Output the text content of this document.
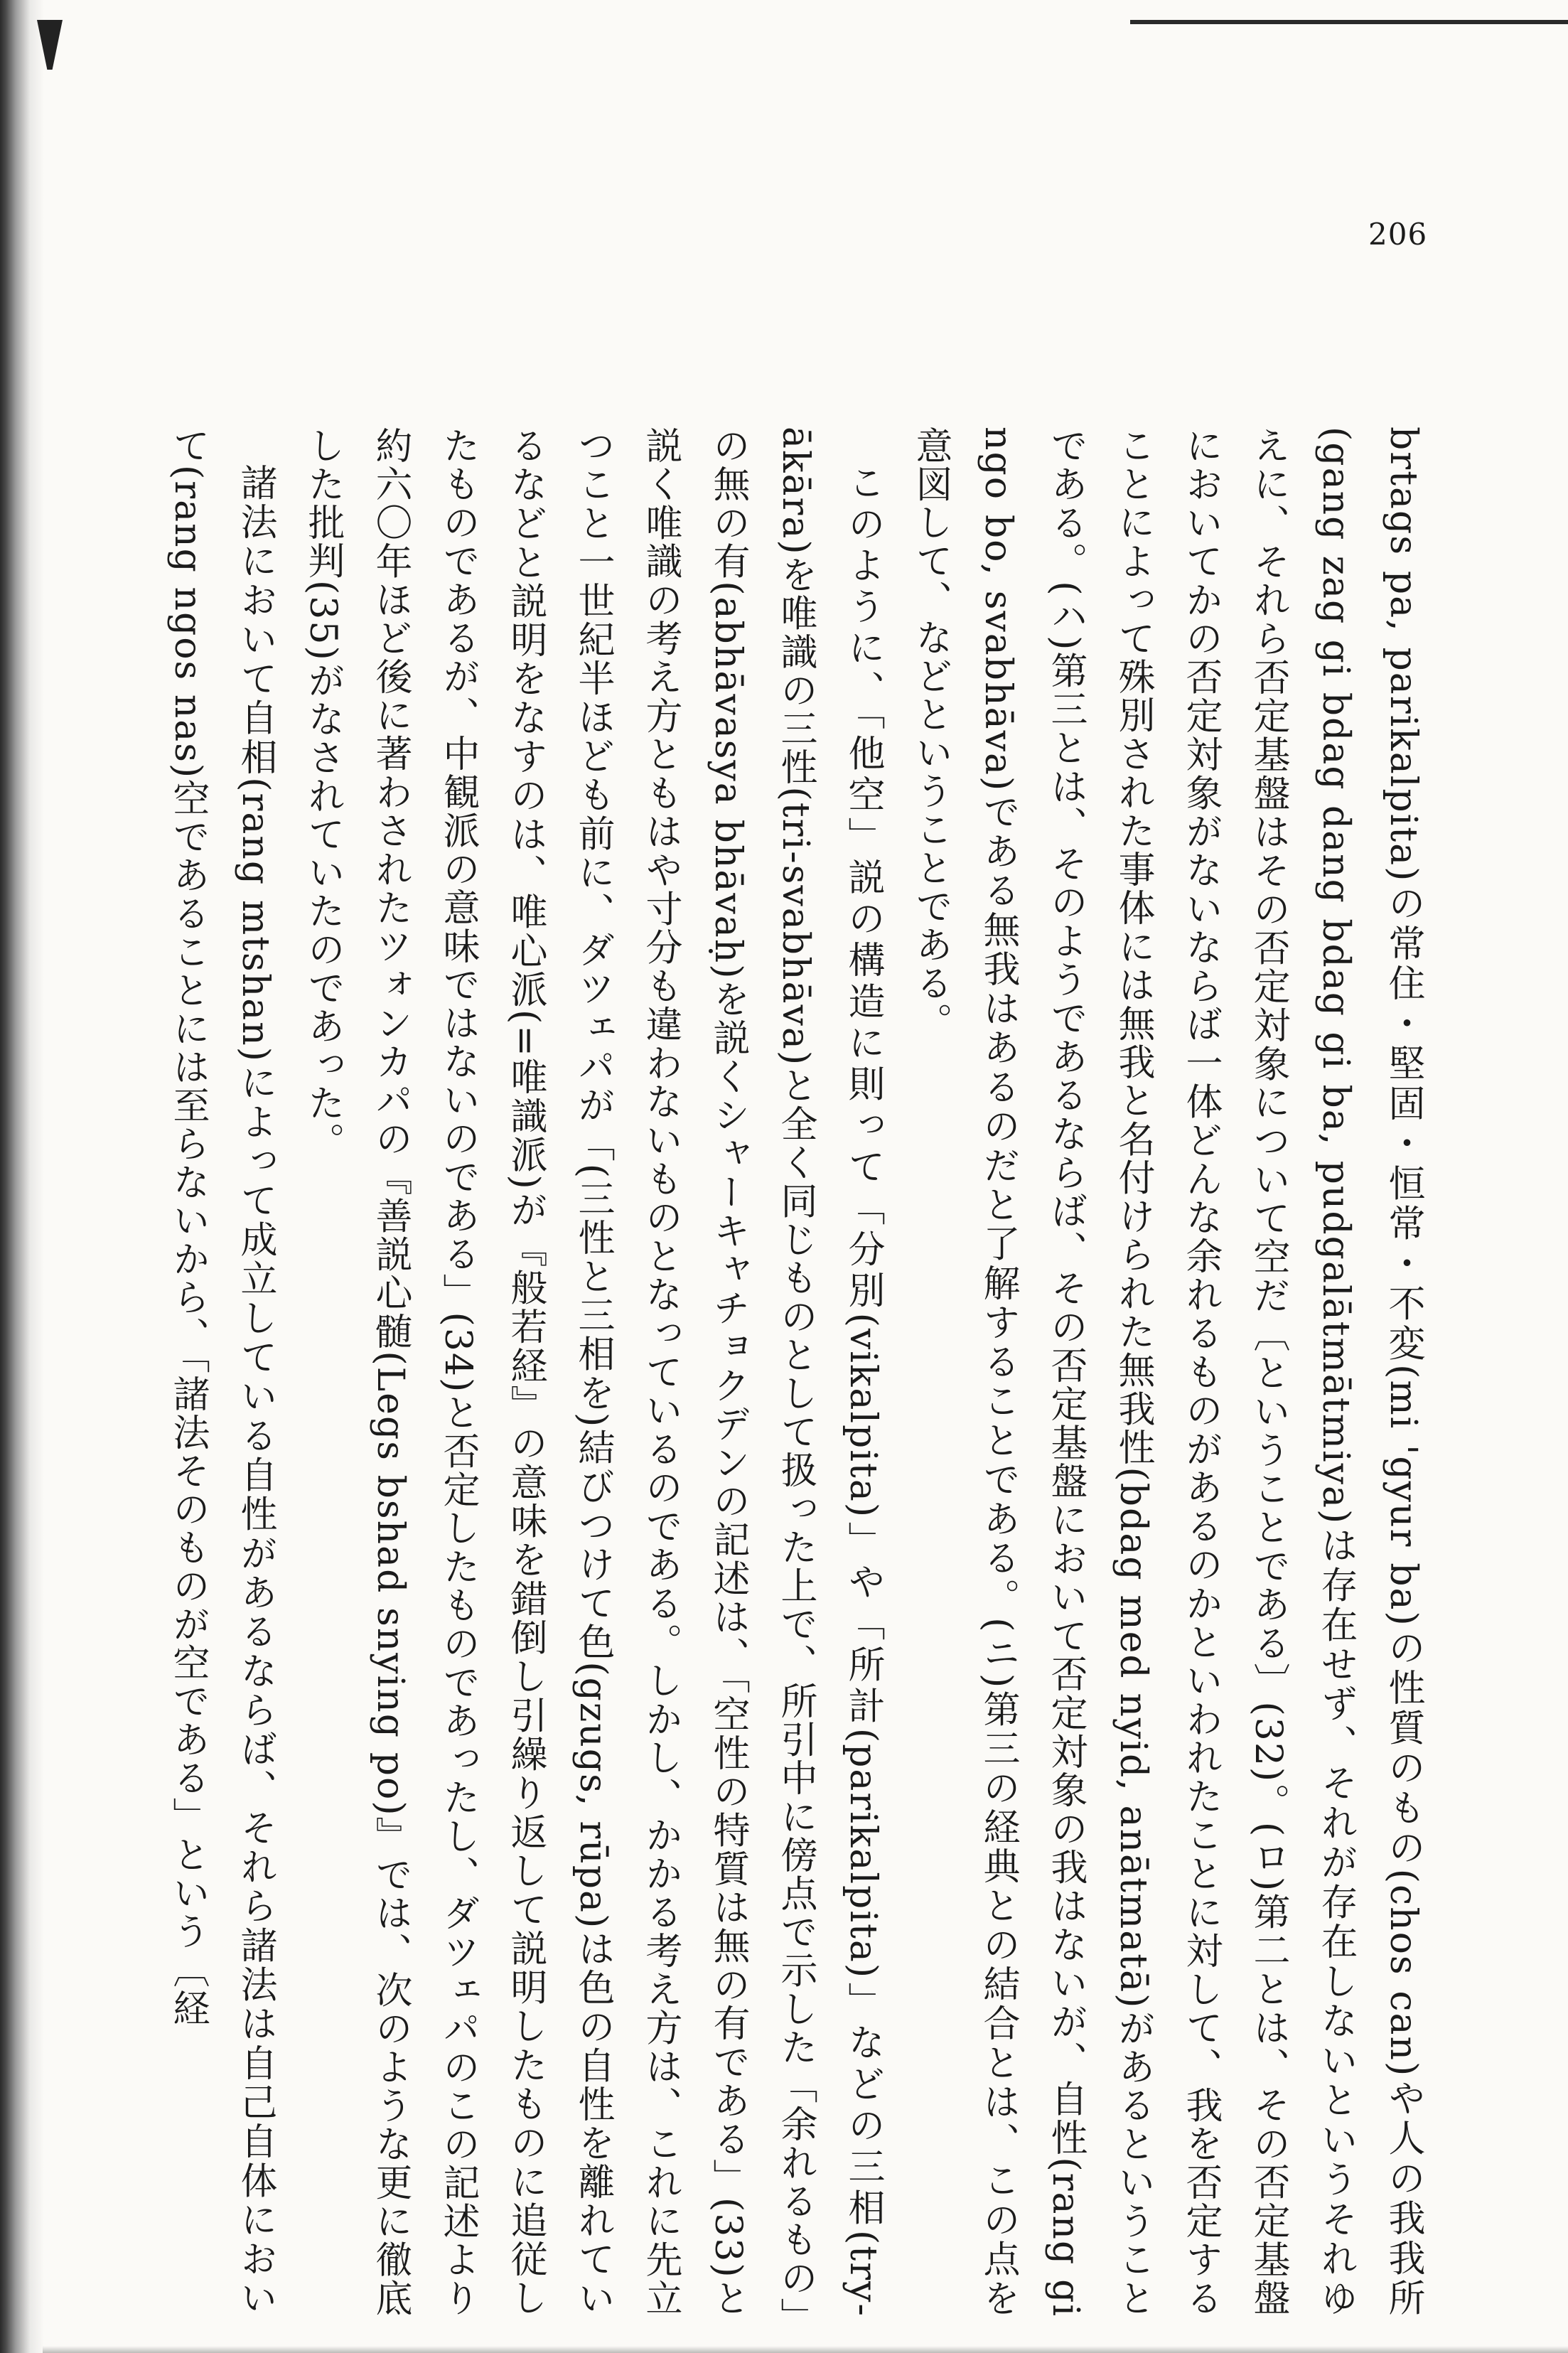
206

brtags pa, parikalpita)の常住・堅固・恒常・不変(mi 'gyur ba)の性質のもの(chos can)や人の我我所(gang zag gi bdag dang bdag gi ba, pudgalātmātmiya)は存在せず、それが存在しないというそれゆえに、それら否定基盤はその否定対象について空だ〔ということである〕(32)。(ロ)第二とは、その否定基盤においてかの否定対象がないならば一体どんな余れるものがあるのかといわれたことに対して、我を否定することによって殊別された事体には無我と名付けられた無我性(bdag med nyid, anātmatā)があるということである。(ハ)第三とは、そのようであるならば、その否定基盤において否定対象の我はないが、自性(rang gi ngo bo, svabhāva)である無我はあるのだと了解することである。(ニ)第三の経典との結合とは、この点を意図して、などということである。

このように、「他空」説の構造に則って「分別(vikalpita)」や「所計(parikalpita)」などの三相(try-ākāra)を唯識の三性(tri-svabhāva)と全く同じものとして扱った上で、所引中に傍点で示した「余れるもの」の無の有(abhāvasya bhāvaḥ)を説くシャーキャチョクデンの記述は、「空性の特質は無の有である」(33)と説く唯識の考え方ともはや寸分も違わないものとなっているのである。しかし、かかる考え方は、これに先立つこと一世紀半ほども前に、ダツェパが「(三性と三相を)結びつけて色(gzugs, rūpa)は色の自性を離れているなどと説明をなすのは、唯心派(=唯識派)が『般若経』の意味を錯倒し引繰り返して説明したものに追従したものであるが、中観派の意味ではないのである」(34)と否定したものであったし、ダツェパのこの記述より約六〇年ほど後に著わされたツォンカパの『善説心髄(Legs bshad snying po)』では、次のような更に徹底した批判(35)がなされていたのであった。

諸法において自相(rang mtshan)によって成立している自性があるならば、それら諸法は自己自体において(rang ngos nas)空であることには至らないから、「諸法そのものが空である」という〔経
